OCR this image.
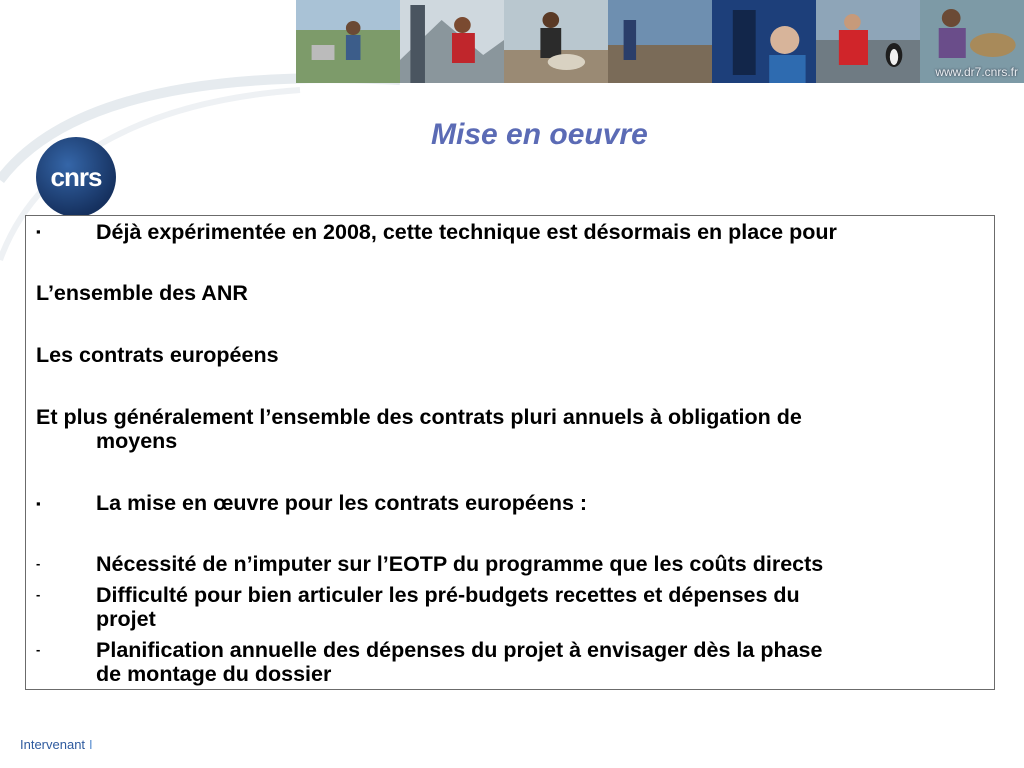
www.dr7.cnrs.fr
cnrs
Mise en oeuvre
▪	Déjà expérimentée en 2008, cette technique est désormais en place pour
L’ensemble des ANR
Les contrats européens
Et plus généralement l’ensemble des contrats pluri annuels à obligation de
moyens
▪	La mise en œuvre pour les contrats européens :
-	Nécessité de n’imputer sur l’EOTP du programme que les coûts directs
-	Difficulté pour bien articuler les pré-budgets recettes et dépenses du
projet
-	Planification annuelle des dépenses du projet à envisager dès la phase
de montage du dossier
Intervenant I
